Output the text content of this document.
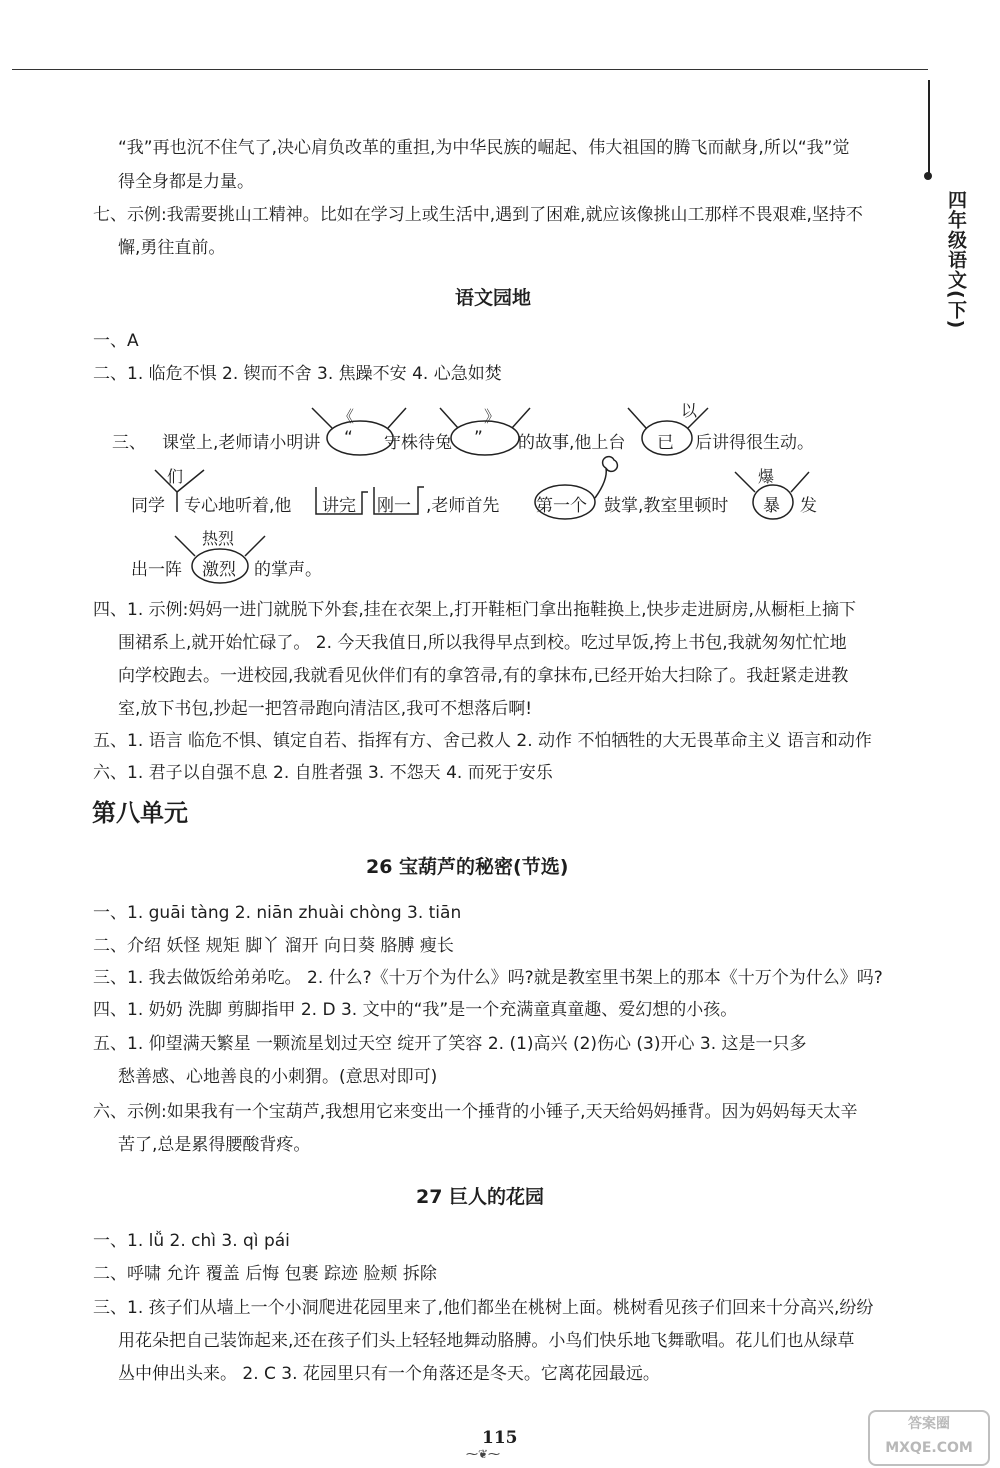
四年级语文(下)
“我”再也沉不住气了,决心肩负改革的重担,为中华民族的崛起、伟大祖国的腾飞而献身,所以“我”觉
得全身都是力量。
七、示例:我需要挑山工精神。比如在学习上或生活中,遇到了困难,就应该像挑山工那样不畏艰难,坚持不
懈,勇往直前。
语文园地
一、A
二、1. 临危不惧 2. 锲而不舍 3. 焦躁不安 4. 心急如焚
三、 课堂上,老师请小明讲 “ 守株待兔 ” 的故事,他上台 已 后讲得很生动。
同学 专心地听着,他 讲完 刚一 ,老师首先 第一个 鼓掌,教室里顿时 暴 发
出一阵 激烈 的掌声。
《	》	以
们	爆
热烈
四、1. 示例:妈妈一进门就脱下外套,挂在衣架上,打开鞋柜门拿出拖鞋换上,快步走进厨房,从橱柜上摘下
围裙系上,就开始忙碌了。 2. 今天我值日,所以我得早点到校。吃过早饭,挎上书包,我就匆匆忙忙地
向学校跑去。一进校园,我就看见伙伴们有的拿笤帚,有的拿抹布,已经开始大扫除了。我赶紧走进教
室,放下书包,抄起一把笤帚跑向清洁区,我可不想落后啊!
五、1. 语言 临危不惧、镇定自若、指挥有方、舍己救人 2. 动作 不怕牺牲的大无畏革命主义 语言和动作
六、1. 君子以自强不息 2. 自胜者强 3. 不怨天 4. 而死于安乐
第八单元
26 宝葫芦的秘密(节选)
一、1. guāi tàng 2. niān zhuài chòng 3. tiān
二、介绍 妖怪 规矩 脚丫 溜开 向日葵 胳膊 瘦长
三、1. 我去做饭给弟弟吃。 2. 什么?《十万个为什么》吗?就是教室里书架上的那本《十万个为什么》吗?
四、1. 奶奶 洗脚 剪脚指甲 2. D 3. 文中的“我”是一个充满童真童趣、爱幻想的小孩。
五、1. 仰望满天繁星 一颗流星划过天空 绽开了笑容 2. (1)高兴 (2)伤心 (3)开心 3. 这是一只多
愁善感、心地善良的小刺猬。(意思对即可)
六、示例:如果我有一个宝葫芦,我想用它来变出一个捶背的小锤子,天天给妈妈捶背。因为妈妈每天太辛
苦了,总是累得腰酸背疼。
27 巨人的花园
一、1. lǚ 2. chì 3. qì pái
二、呼啸 允许 覆盖 后悔 包裹 踪迹 脸颊 拆除
三、1. 孩子们从墙上一个小洞爬进花园里来了,他们都坐在桃树上面。桃树看见孩子们回来十分高兴,纷纷
用花朵把自己装饰起来,还在孩子们头上轻轻地舞动胳膊。小鸟们快乐地飞舞歌唱。花儿们也从绿草
丛中伸出头来。 2. C 3. 花园里只有一个角落还是冬天。它离花园最远。
115
⁓❦⁓
答案圈
MXQE.COM
